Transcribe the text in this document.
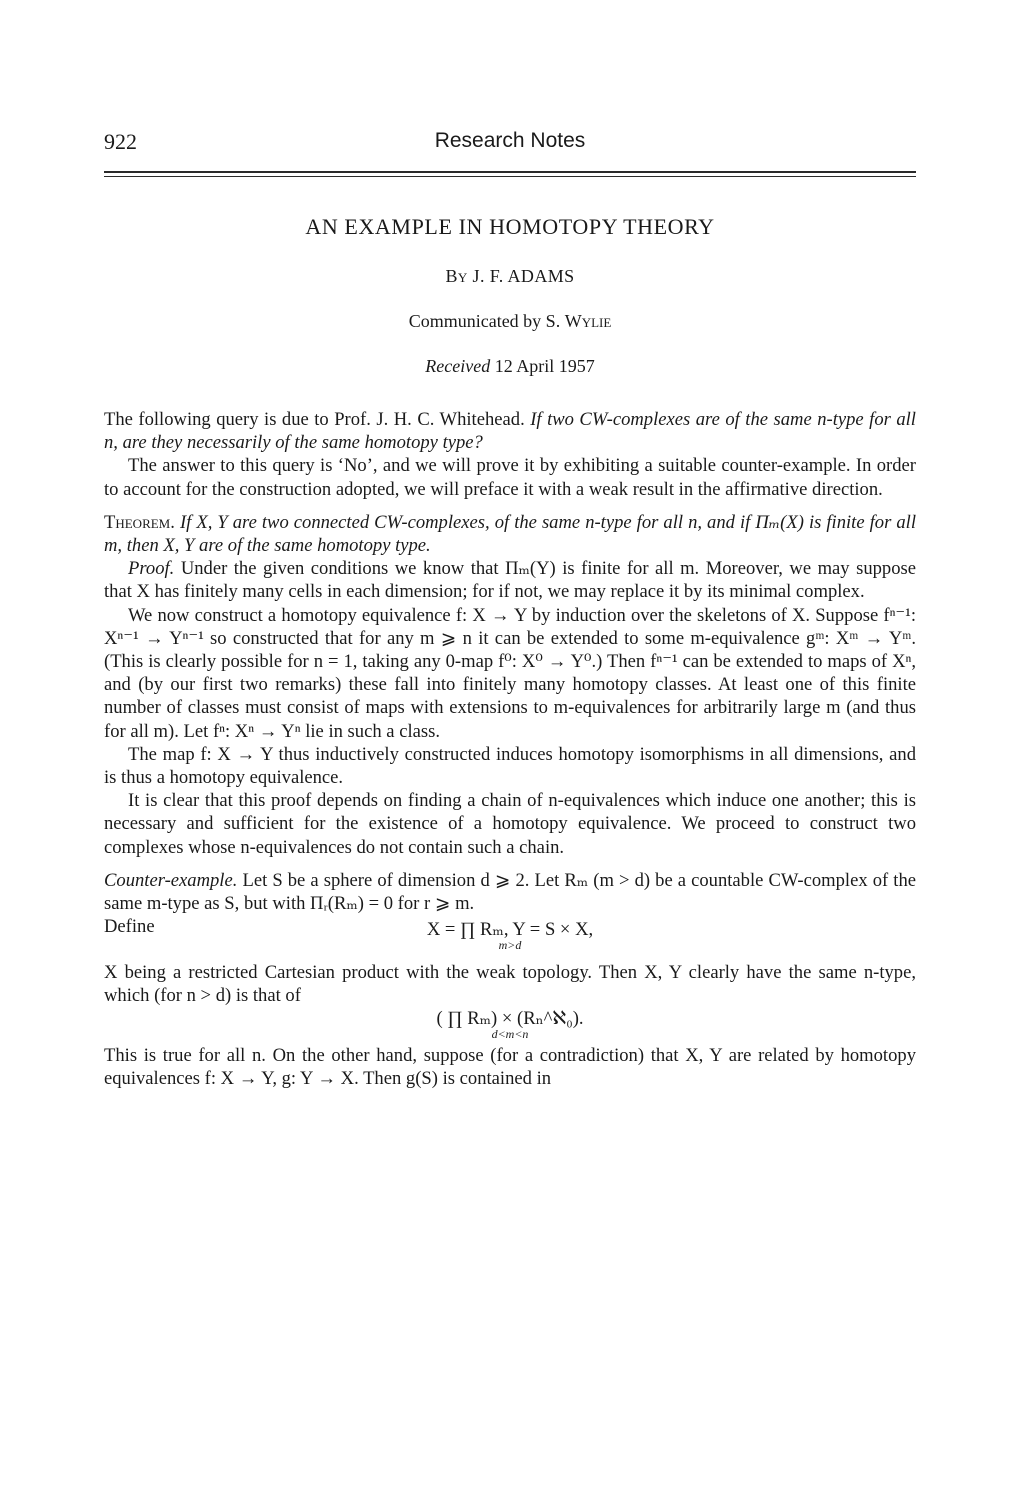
922	Research Notes
AN EXAMPLE IN HOMOTOPY THEORY
By J. F. ADAMS
Communicated by S. Wylie
Received 12 April 1957

The following query is due to Prof. J. H. C. Whitehead. If two CW-complexes are of the same n-type for all n, are they necessarily of the same homotopy type?

The answer to this query is ‘No’, and we will prove it by exhibiting a suitable counter-example. In order to account for the construction adopted, we will preface it with a weak result in the affirmative direction.

Theorem. If X, Y are two connected CW-complexes, of the same n-type for all n, and if Πₘ(X) is finite for all m, then X, Y are of the same homotopy type.

Proof. Under the given conditions we know that Πₘ(Y) is finite for all m. Moreover, we may suppose that X has finitely many cells in each dimension; for if not, we may replace it by its minimal complex.

We now construct a homotopy equivalence f: X → Y by induction over the skeletons of X. Suppose fⁿ⁻¹: Xⁿ⁻¹ → Yⁿ⁻¹ so constructed that for any m ⩾ n it can be extended to some m-equivalence gᵐ: Xᵐ → Yᵐ. (This is clearly possible for n = 1, taking any 0-map f⁰: X⁰ → Y⁰.) Then fⁿ⁻¹ can be extended to maps of Xⁿ, and (by our first two remarks) these fall into finitely many homotopy classes. At least one of this finite number of classes must consist of maps with extensions to m-equivalences for arbitrarily large m (and thus for all m). Let fⁿ: Xⁿ → Yⁿ lie in such a class.

The map f: X → Y thus inductively constructed induces homotopy isomorphisms in all dimensions, and is thus a homotopy equivalence.

It is clear that this proof depends on finding a chain of n-equivalences which induce one another; this is necessary and sufficient for the existence of a homotopy equivalence. We proceed to construct two complexes whose n-equivalences do not contain such a chain.

Counter-example. Let S be a sphere of dimension d ⩾ 2. Let Rₘ (m > d) be a countable CW-complex of the same m-type as S, but with Πᵣ(Rₘ) = 0 for r ⩾ m.

Define	X = ∏ Rₘ, Y = S × X,
m>d

X being a restricted Cartesian product with the weak topology. Then X, Y clearly have the same n-type, which (for n > d) is that of

( ∏ Rₘ) × (Rₙ^ℵ₀).
d<m<n

This is true for all n. On the other hand, suppose (for a contradiction) that X, Y are related by homotopy equivalences f: X → Y, g: Y → X. Then g(S) is contained in
